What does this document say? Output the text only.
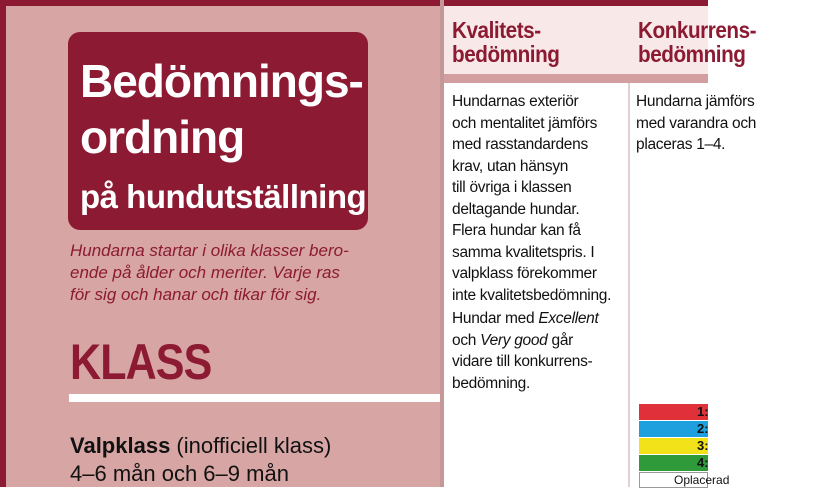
Bedömnings-
ordning
på hundutställning
Hundarna startar i olika klasser bero-
ende på ålder och meriter. Varje ras
för sig och hanar och tikar för sig.
KLASS
Valpklass (inofficiell klass)
4–6 mån och 6–9 mån
Kvalitets-
bedömning
Hundarnas exteriör
och mentalitet jämförs
med rasstandardens
krav, utan hänsyn
till övriga i klassen
deltagande hundar.
Flera hundar kan få
samma kvalitetspris. I
valpklass förekommer
inte kvalitetsbedömning.
Hundar med Excellent
och Very good går
vidare till konkurrens-
bedömning.
Konkurrens-
bedömning
Hundarna jämförs
med varandra och
placeras 1–4.
1:
2:
3:
4:
Oplacerad
